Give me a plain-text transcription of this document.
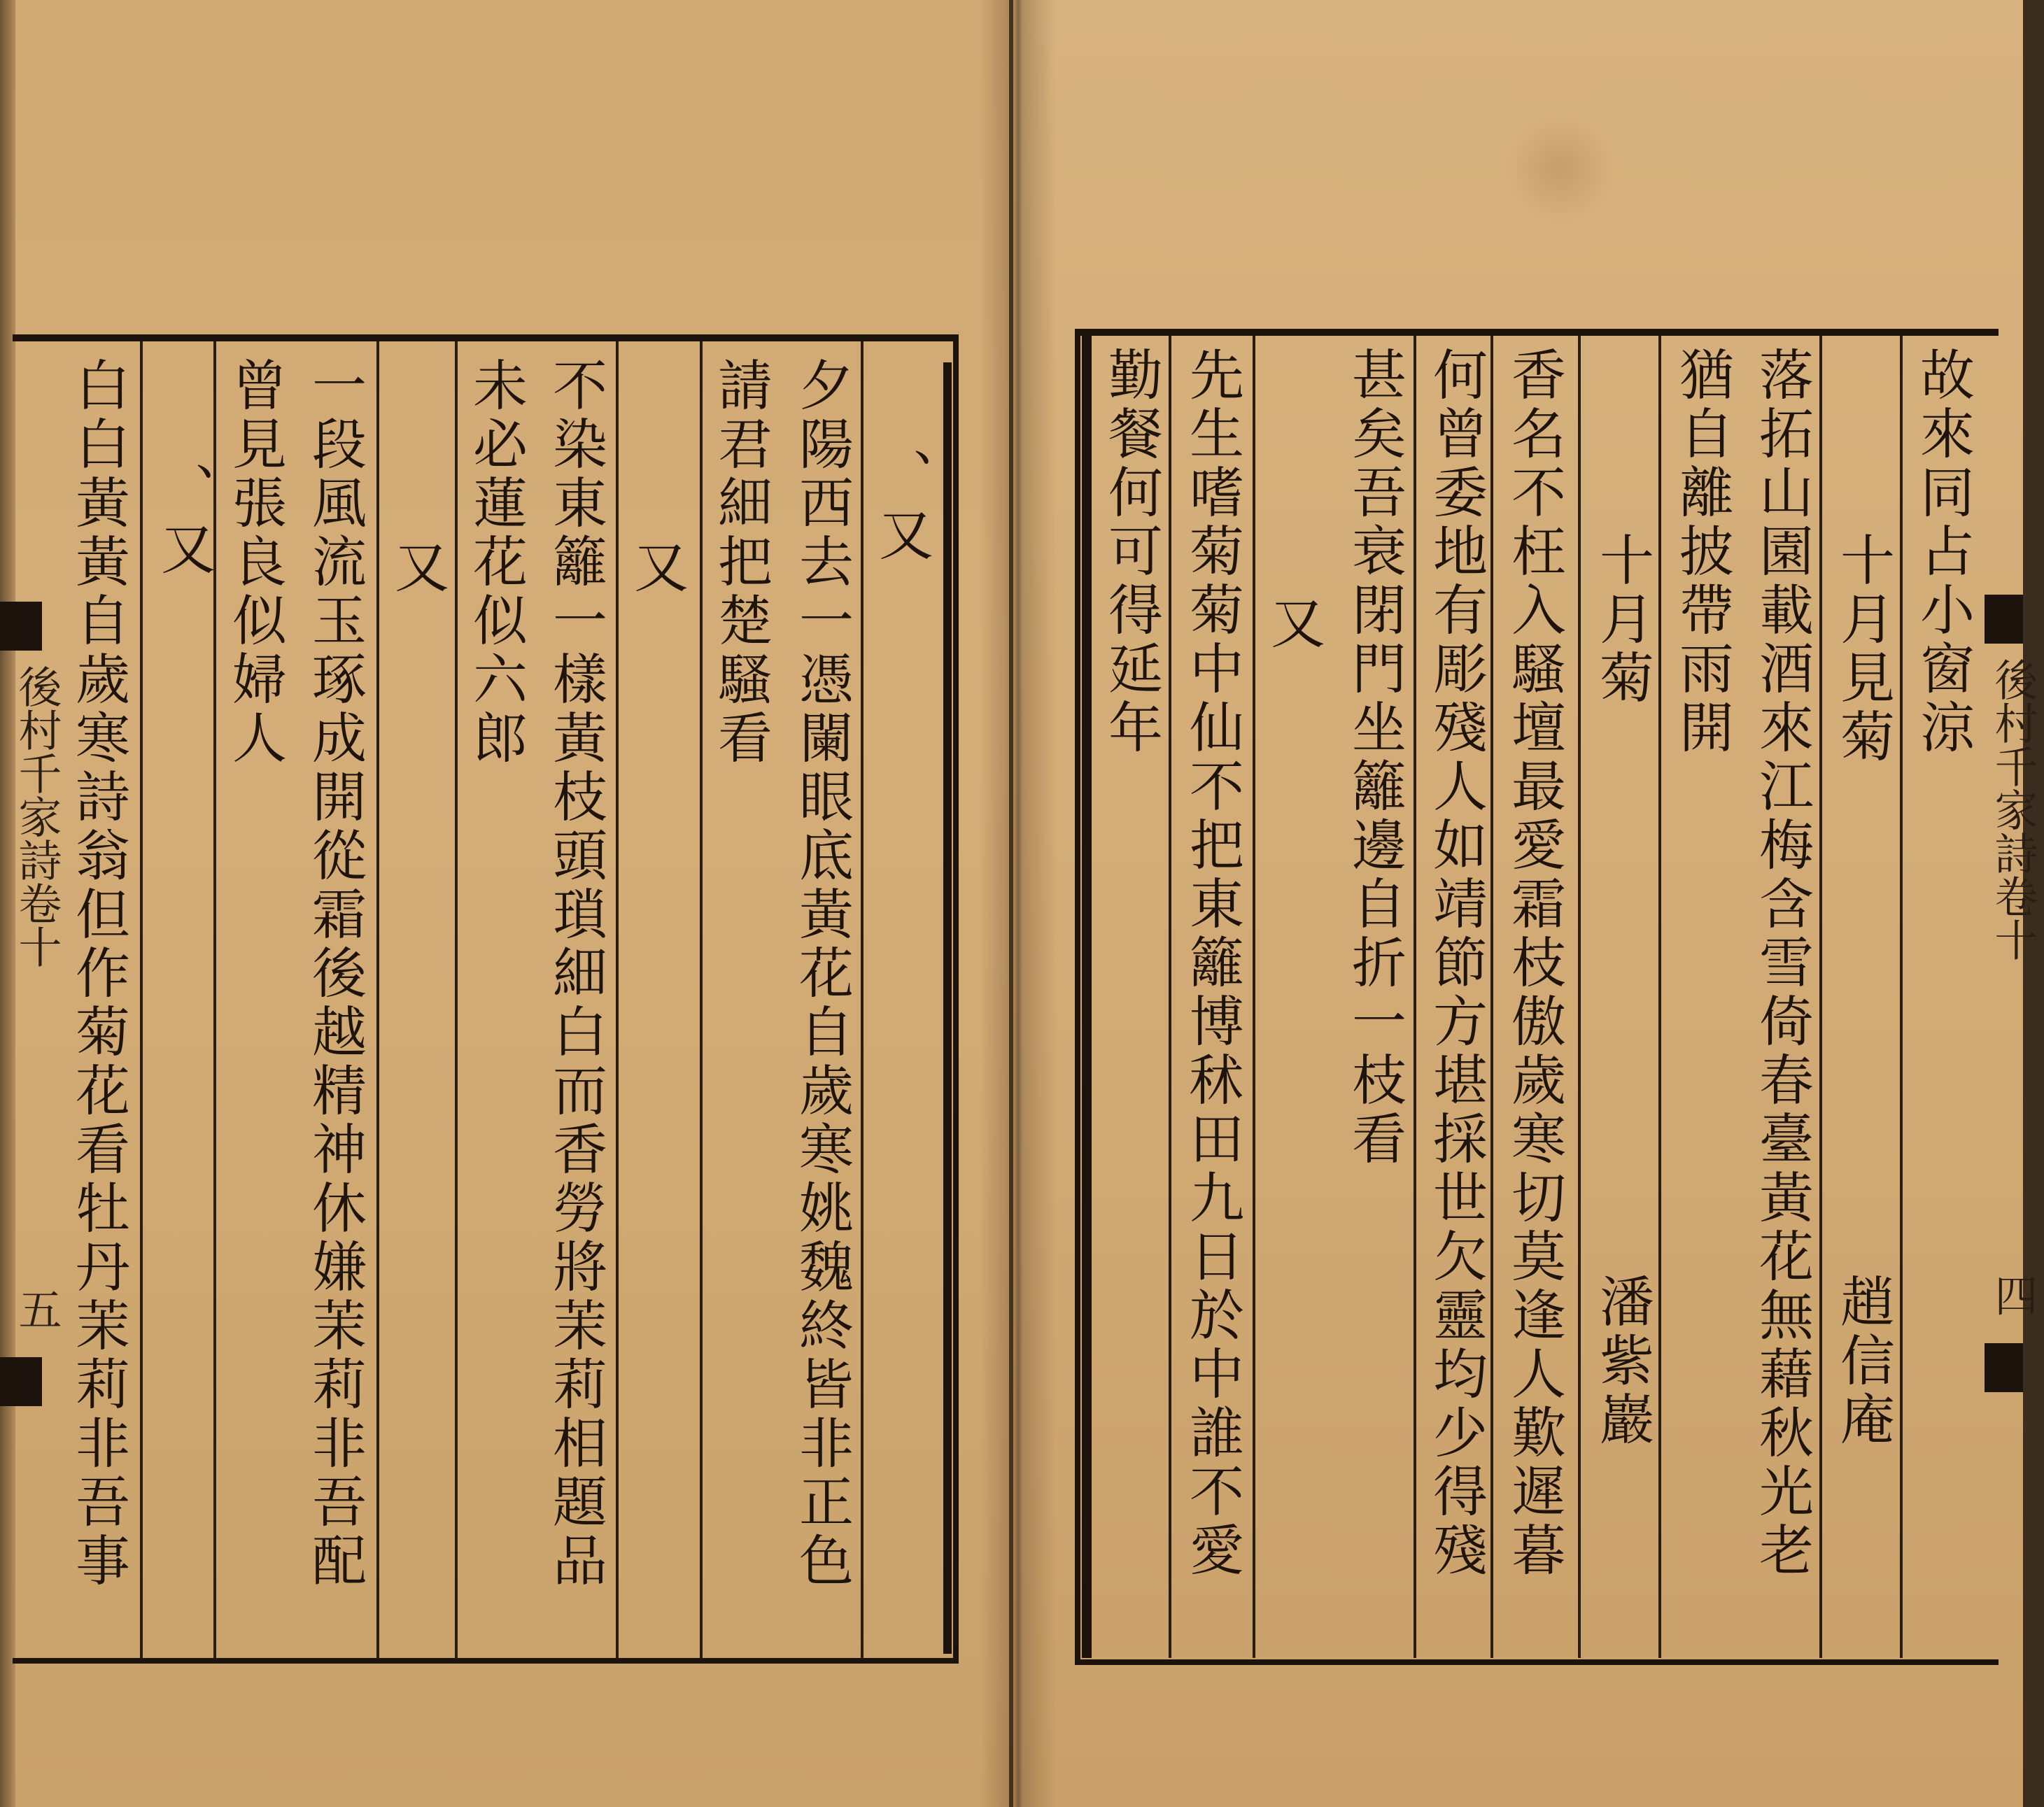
、又
夕陽西去一憑闌眼底黃花自歲寒姚魏終皆非正色
請君細把楚騷看
又
不染東籬一樣黃枝頭瑣細白而香勞將茉莉相題品
未必蓮花似六郎
又
一段風流玉琢成開從霜後越精神休嫌茉莉非吾配
曾見張良似婦人
、又
白白黃黃自歲寒詩翁但作菊花看牡丹茉莉非吾事
後村千家詩卷十
五
故來同占小窗涼
十月見菊
趙信庵
落拓山園載酒來江梅含雪倚春臺黃花無藉秋光老
猶自離披帶雨開
十月菊
潘紫巖
香名不枉入騷壇最愛霜枝傲歲寒切莫逢人歎遲暮
何曾委地有彫殘人如靖節方堪採世欠靈均少得殘
甚矣吾衰閉門坐籬邊自折一枝看
又
先生嗜菊菊中仙不把東籬博秫田九日於中誰不愛
勤餐何可得延年
後村千家詩卷十
四
